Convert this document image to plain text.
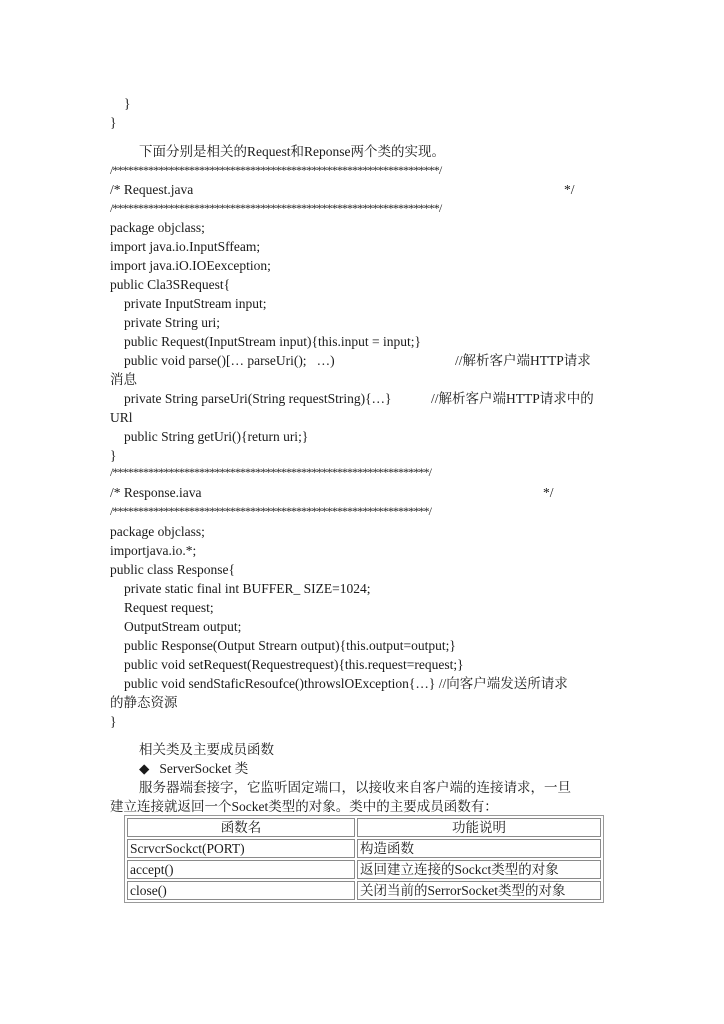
}
}
下面分别是相关的Request和Reponse两个类的实现。
/****************************************************************/
/* Request.java	*/
/****************************************************************/
package objclass;
import java.io.InputSffeam;
import java.iO.IOEexception;
public Cla3SRequest{
private InputStream input;
private String uri;
public Request(InputStream input){this.input = input;}
public void parse()[… parseUri();   …)	//解析客户端HTTP请求
消息
private String parseUri(String requestString){…}	//解析客户端HTTP请求中的
URl
public String getUri(){return uri;}
}
/**************************************************************/
/* Response.iava	*/
/**************************************************************/
package objclass;
importjava.io.*;
public class Response{
private static final int BUFFER_ SIZE=1024;
Request request;
OutputStream output;
public Response(Output Strearn output){this.output=output;}
public void setRequest(Requestrequest){this.request=request;}
public void sendStaficResoufce()throwslOException{…} //向客户端发送所请求
的静态资源
}
相关类及主要成员函数
◆ ServerSocket 类
服务器端套接字，它监听固定端口，以接收来自客户端的连接请求，一旦
建立连接就返回一个Socket类型的对象。类中的主要成员函数有：
函数名	功能说明
ScrvcrSockct(PORT)	构造函数
accept()	返回建立连接的Sockct类型的对象
close()	关闭当前的SerrorSocket类型的对象
